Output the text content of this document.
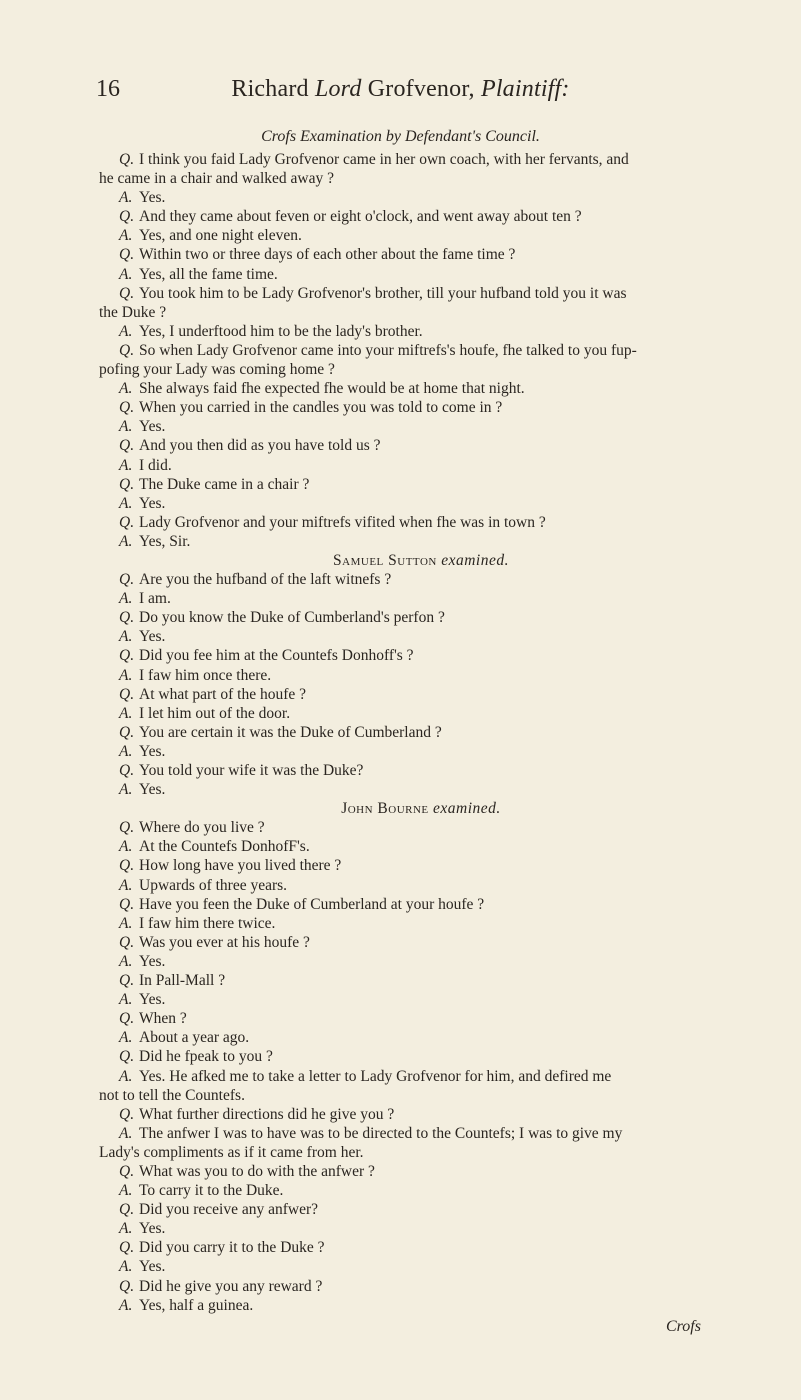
16	Richard Lord Grofvenor, Plaintiff:
Crofs Examination by Defendant's Council.
Q. I think you faid Lady Grofvenor came in her own coach, with her fervants, and
he came in a chair and walked away ?
A. Yes.
Q. And they came about feven or eight o'clock, and went away about ten ?
A. Yes, and one night eleven.
Q. Within two or three days of each other about the fame time ?
A. Yes, all the fame time.
Q. You took him to be Lady Grofvenor's brother, till your hufband told you it was
the Duke ?
A. Yes, I underftood him to be the lady's brother.
Q. So when Lady Grofvenor came into your miftrefs's houfe, fhe talked to you fup-
pofing your Lady was coming home ?
A. She always faid fhe expected fhe would be at home that night.
Q. When you carried in the candles you was told to come in ?
A. Yes.
Q. And you then did as you have told us ?
A. I did.
Q. The Duke came in a chair ?
A. Yes.
Q. Lady Grofvenor and your miftrefs vifited when fhe was in town ?
A. Yes, Sir.
Samuel Sutton examined.
Q. Are you the hufband of the laft witnefs ?
A. I am.
Q. Do you know the Duke of Cumberland's perfon ?
A. Yes.
Q. Did you fee him at the Countefs Donhoff's ?
A. I faw him once there.
Q. At what part of the houfe ?
A. I let him out of the door.
Q. You are certain it was the Duke of Cumberland ?
A. Yes.
Q. You told your wife it was the Duke?
A. Yes.
John Bourne examined.
Q. Where do you live ?
A. At the Countefs DonhofF's.
Q. How long have you lived there ?
A. Upwards of three years.
Q. Have you feen the Duke of Cumberland at your houfe ?
A. I faw him there twice.
Q. Was you ever at his houfe ?
A. Yes.
Q. In Pall-Mall ?
A. Yes.
Q. When ?
A. About a year ago.
Q. Did he fpeak to you ?
A. Yes. He afked me to take a letter to Lady Grofvenor for him, and defired me
not to tell the Countefs.
Q. What further directions did he give you ?
A. The anfwer I was to have was to be directed to the Countefs; I was to give my
Lady's compliments as if it came from her.
Q. What was you to do with the anfwer ?
A. To carry it to the Duke.
Q. Did you receive any anfwer?
A. Yes.
Q. Did you carry it to the Duke ?
A. Yes.
Q. Did he give you any reward ?
A. Yes, half a guinea.
Crofs
